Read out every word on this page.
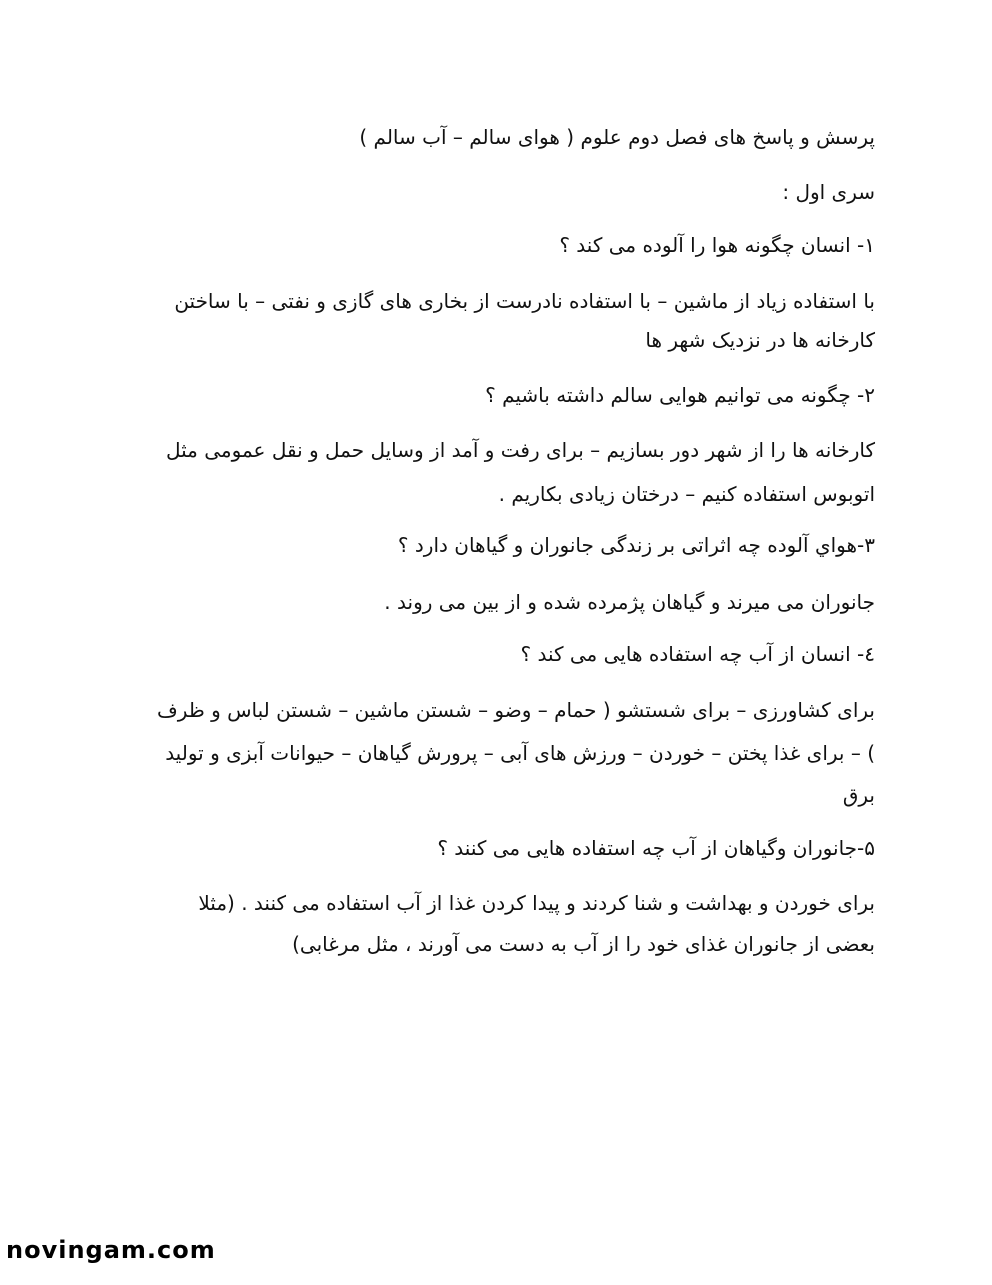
پرسش و پاسخ های فصل دوم علوم ( هوای سالم – آب سالم )
سری اول :
۱- انسان چگونه هوا را آلوده می کند ؟
با استفاده زیاد از ماشین – با استفاده نادرست از بخاری های گازی و نفتی – با ساختن
کارخانه ها در نزدیک شهر ها
۲- چگونه می توانیم هوایی سالم داشته باشیم ؟
کارخانه ها را از شهر دور بسازیم – برای رفت و آمد از وسایل حمل و نقل عمومی مثل
اتوبوس استفاده کنیم – درختان زیادی بکاریم .
۳-هواي آلوده چه اثراتی بر زندگی جانوران و گیاهان دارد ؟
جانوران می میرند و گیاهان پژمرده شده و از بین می روند .
٤- انسان از آب چه استفاده هایی می کند ؟
برای کشاورزی – برای شستشو ( حمام – وضو – شستن ماشین – شستن لباس و ظرف
) – برای غذا پختن – خوردن – ورزش های آبی – پرورش گیاهان – حیوانات آبزی و تولید
برق
۵-جانوران وگیاهان از آب چه استفاده هایی می کنند ؟
برای خوردن و بهداشت و شنا کردند و پیدا کردن غذا از آب استفاده می کنند . (مثلا
بعضی از جانوران غذای خود را از آب به دست می آورند ، مثل مرغابی)
novingam.com
